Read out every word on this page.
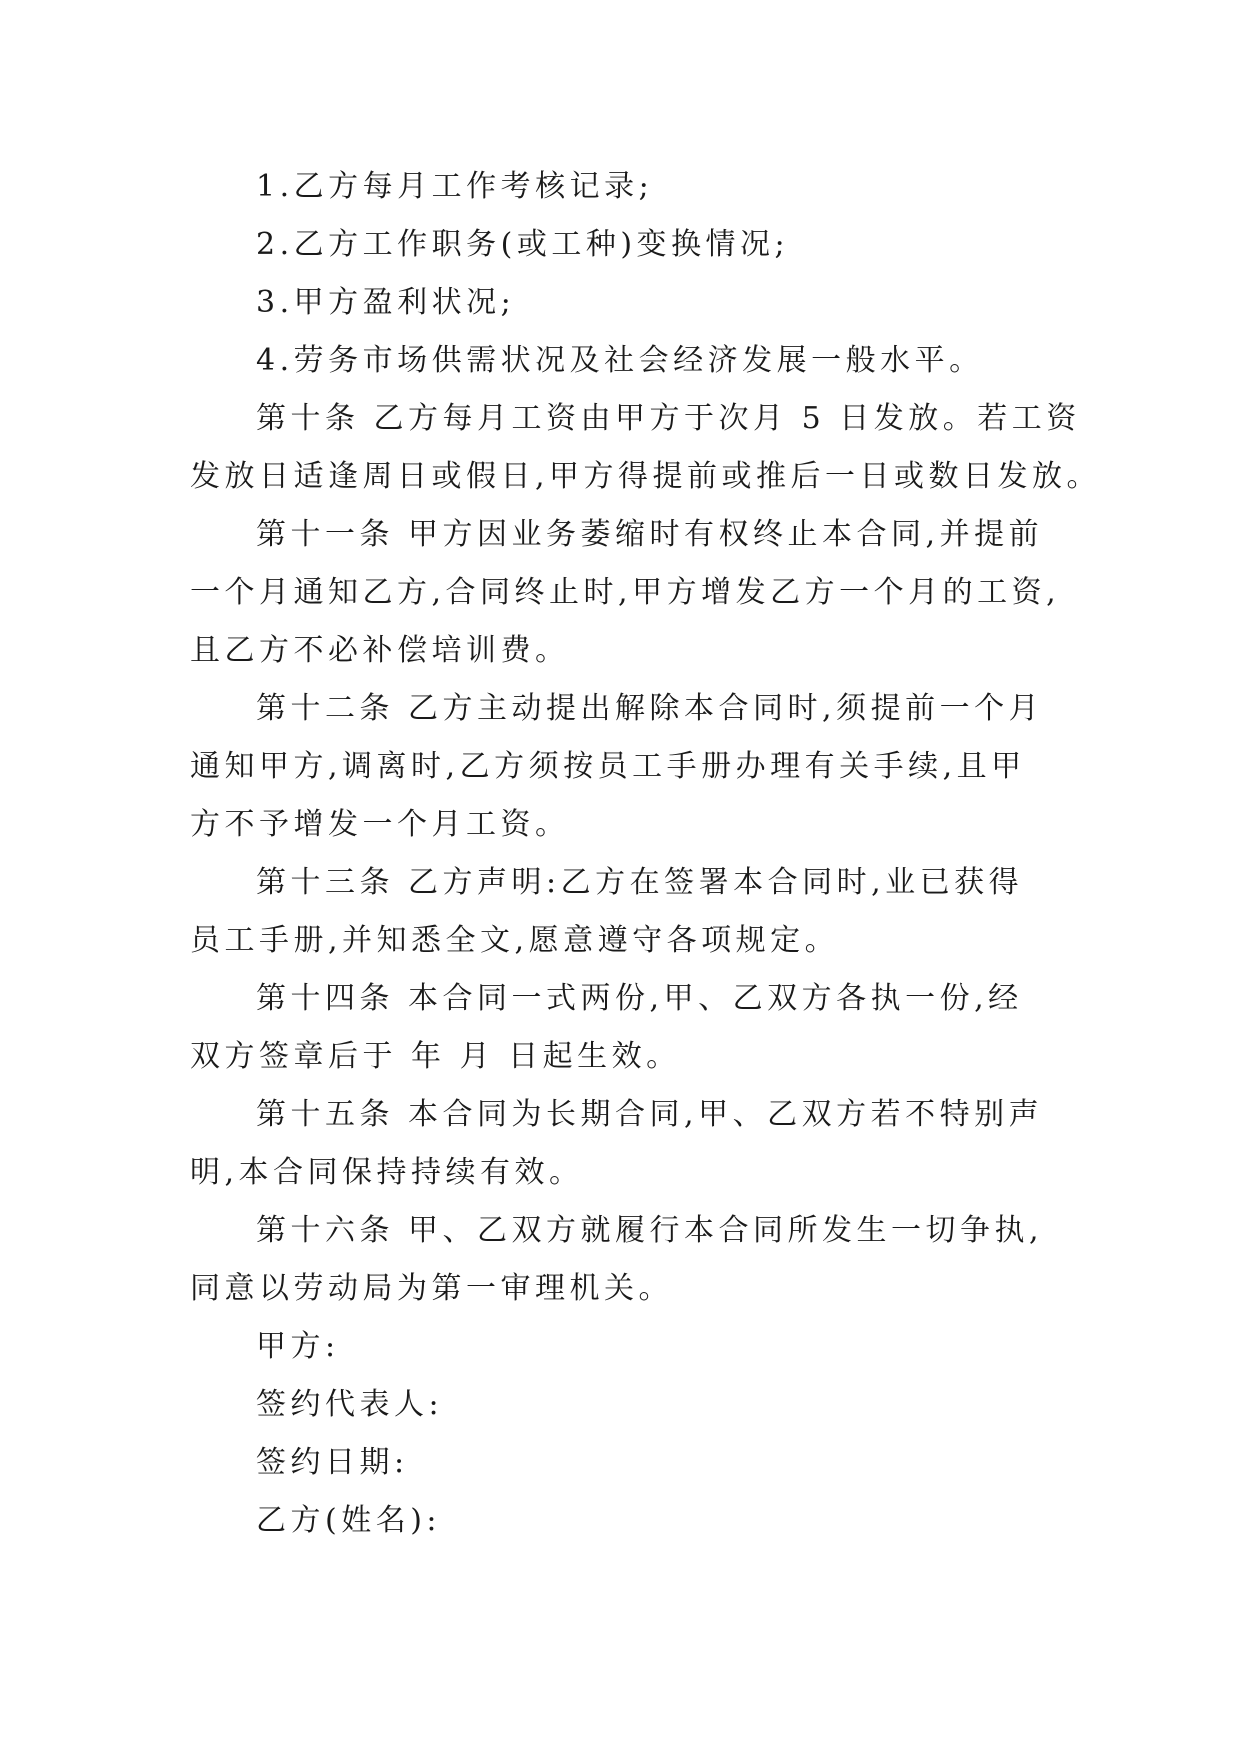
1.乙方每月工作考核记录;
2.乙方工作职务(或工种)变换情况;
3.甲方盈利状况;
4.劳务市场供需状况及社会经济发展一般水平。
第十条 乙方每月工资由甲方于次月 5 日发放。若工资
发放日适逢周日或假日,甲方得提前或推后一日或数日发放。
第十一条 甲方因业务萎缩时有权终止本合同,并提前
一个月通知乙方,合同终止时,甲方增发乙方一个月的工资,
且乙方不必补偿培训费。
第十二条 乙方主动提出解除本合同时,须提前一个月
通知甲方,调离时,乙方须按员工手册办理有关手续,且甲
方不予增发一个月工资。
第十三条 乙方声明:乙方在签署本合同时,业已获得
员工手册,并知悉全文,愿意遵守各项规定。
第十四条 本合同一式两份,甲、乙双方各执一份,经
双方签章后于 年 月 日起生效。
第十五条 本合同为长期合同,甲、乙双方若不特别声
明,本合同保持持续有效。
第十六条 甲、乙双方就履行本合同所发生一切争执,
同意以劳动局为第一审理机关。
甲方:
签约代表人:
签约日期:
乙方(姓名):
